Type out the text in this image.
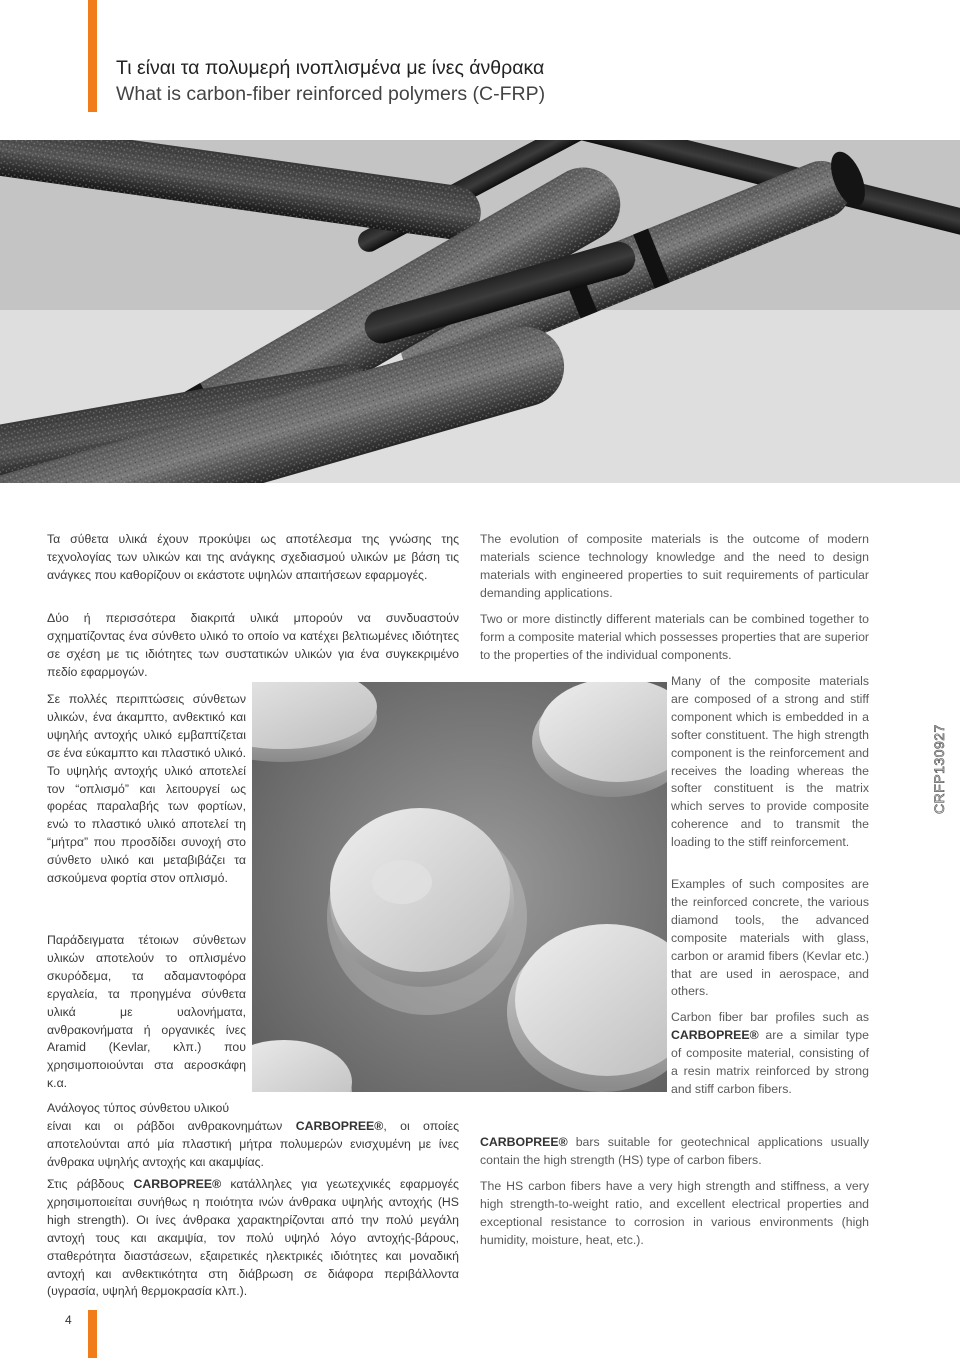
Τι είναι τα πολυμερή ινοπλισμένα με ίνες άνθρακα
What is carbon-fiber reinforced polymers (C-FRP)
Τα σύθετα υλικά έχουν προκύψει ως αποτέλεσμα της γνώσης της τεχνολογίας των υλικών και της ανάγκης σχεδιασμού υλικών με βάση τις ανάγκες που καθορίζουν οι εκάστοτε υψηλών απαιτήσεων εφαρμογές.
Δύο ή περισσότερα διακριτά υλικά μπορούν να συνδυαστούν σχηματίζοντας ένα σύνθετο υλικό το οποίο να κατέχει βελτιωμένες ιδιότητες σε σχέση με τις ιδιότητες των συστατικών υλικών για ένα συγκεκριμένο πεδίο εφαρμογών.
Σε πολλές περιπτώσεις σύνθετων υλικών, ένα άκαμπτο, ανθεκτικό και υψηλής αντοχής υλικό εμβαπτίζεται σε ένα εύκαμπτο και πλαστικό υλικό. Το υψηλής αντοχής υλικό αποτελεί τον “οπλισμό” και λειτουργεί ως φορέας παραλαβής των φορτίων, ενώ το πλαστικό υλικό αποτελεί τη “μήτρα” που προσδίδει συνοχή στο σύνθετο υλικό και μεταβιβάζει τα ασκούμενα φορτία στον οπλισμό.
Παράδειγματα τέτοιων σύνθετων υλικών αποτελούν το οπλισμένο σκυρόδεμα, τα αδαμαντοφόρα εργαλεία, τα προηγμένα σύνθετα υλικά με υαλονήματα, ανθρακονήματα ή οργανικές ίνες Aramid (Kevlar, κλπ.) που χρησιμοποιούνται στα αεροσκάφη κ.α.
Ανάλογος τύπος σύνθετου υλικού
είναι και οι ράβδοι ανθρακονημάτων CARBOPREE®, οι οποίες αποτελούνται από μία πλαστική μήτρα πολυμερών ενισχυμένη με ίνες άνθρακα υψηλής αντοχής και ακαμψίας.
Στις ράβδους CARBOPREE® κατάλληλες για γεωτεχνικές εφαρμογές χρησιμοποιείται συνήθως η ποιότητα ινών άνθρακα υψηλής αντοχής (HS high strength). Οι ίνες άνθρακα χαρακτηρίζονται από την πολύ μεγάλη αντοχή τους και ακαμψία, τον πολύ υψηλό λόγο αντοχής-βάρους, σταθερότητα διαστάσεων, εξαιρετικές ηλεκτρικές ιδιότητες και μοναδική αντοχή και ανθεκτικότητα στη διάβρωση σε διάφορα περιβάλλοντα (υγρασία, υψηλή θερμοκρασία κλπ.).
The evolution of composite materials is the outcome of modern materials science technology knowledge and the need to design materials with engineered properties to suit requirements of particular demanding applications.
Two or more distinctly different materials can be combined together to form a composite material which possesses properties that are superior to the properties of the individual components.
Many of the composite materials are composed of a strong and stiff component which is embedded in a softer constituent. The high strength component is the reinforcement and receives the loading whereas the softer constituent is the matrix which serves to provide composite coherence and to transmit the loading to the stiff reinforcement.
Examples of such composites are the reinforced concrete, the various diamond tools, the advanced composite materials with glass, carbon or aramid fibers (Kevlar etc.) that are used in aerospace, and others.
Carbon fiber bar profiles such as CARBOPREE® are a similar type of composite material, consisting of a resin matrix reinforced by strong and stiff carbon fibers.
CARBOPREE® bars suitable for geotechnical applications usually contain the high strength (HS) type of carbon fibers.
The HS carbon fibers have a very high strength and stiffness, a very high strength-to-weight ratio, and excellent electrical properties and exceptional resistance to corrosion in various environments (high humidity, moisture, heat, etc.).
CRFP130927
4
